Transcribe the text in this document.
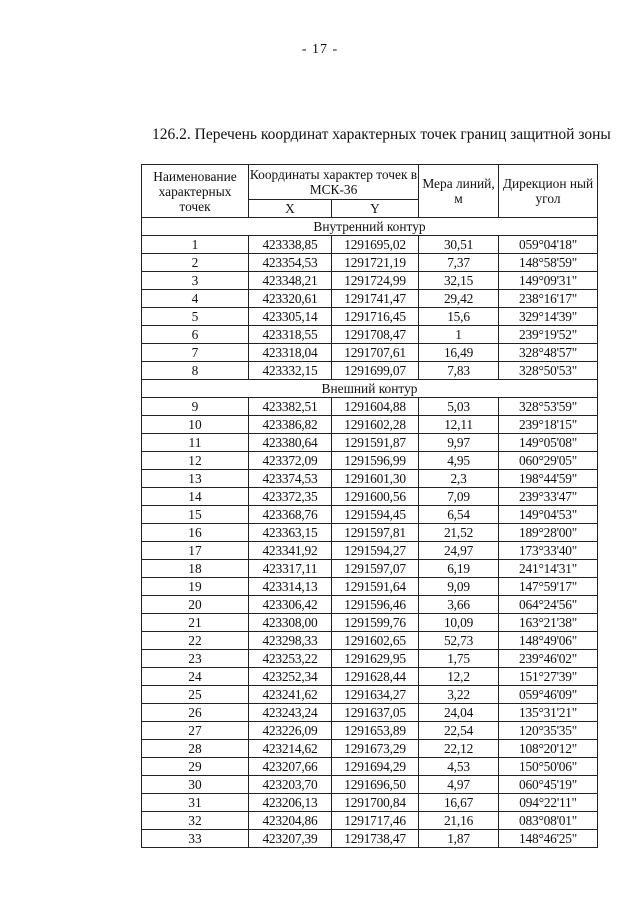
- 17 -
126.2. Перечень координат характерных точек границ защитной зоны
Наименование характерных точек	Координаты характер точек в МСК-36		Мера линий, м	Дирекцион ный угол
	X	Y		
Внутренний контур				
1	423338,85	1291695,02	30,51	059°04'18"
2	423354,53	1291721,19	7,37	148°58'59"
3	423348,21	1291724,99	32,15	149°09'31"
4	423320,61	1291741,47	29,42	238°16'17"
5	423305,14	1291716,45	15,6	329°14'39"
6	423318,55	1291708,47	1	239°19'52"
7	423318,04	1291707,61	16,49	328°48'57"
8	423332,15	1291699,07	7,83	328°50'53"
Внешний контур				
9	423382,51	1291604,88	5,03	328°53'59"
10	423386,82	1291602,28	12,11	239°18'15"
11	423380,64	1291591,87	9,97	149°05'08"
12	423372,09	1291596,99	4,95	060°29'05"
13	423374,53	1291601,30	2,3	198°44'59"
14	423372,35	1291600,56	7,09	239°33'47"
15	423368,76	1291594,45	6,54	149°04'53"
16	423363,15	1291597,81	21,52	189°28'00"
17	423341,92	1291594,27	24,97	173°33'40"
18	423317,11	1291597,07	6,19	241°14'31"
19	423314,13	1291591,64	9,09	147°59'17"
20	423306,42	1291596,46	3,66	064°24'56"
21	423308,00	1291599,76	10,09	163°21'38"
22	423298,33	1291602,65	52,73	148°49'06"
23	423253,22	1291629,95	1,75	239°46'02"
24	423252,34	1291628,44	12,2	151°27'39"
25	423241,62	1291634,27	3,22	059°46'09"
26	423243,24	1291637,05	24,04	135°31'21"
27	423226,09	1291653,89	22,54	120°35'35"
28	423214,62	1291673,29	22,12	108°20'12"
29	423207,66	1291694,29	4,53	150°50'06"
30	423203,70	1291696,50	4,97	060°45'19"
31	423206,13	1291700,84	16,67	094°22'11"
32	423204,86	1291717,46	21,16	083°08'01"
33	423207,39	1291738,47	1,87	148°46'25"
